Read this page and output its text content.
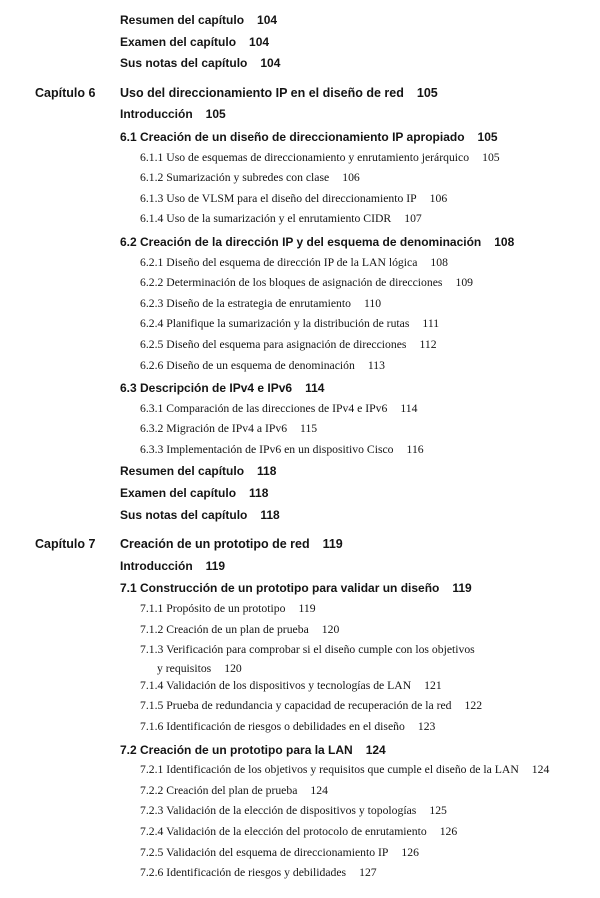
Resumen del capítulo 104
Examen del capítulo 104
Sus notas del capítulo 104
Capítulo 6 Uso del direccionamiento IP en el diseño de red 105
Introducción 105
6.1 Creación de un diseño de direccionamiento IP apropiado 105
6.1.1 Uso de esquemas de direccionamiento y enrutamiento jerárquico 105
6.1.2 Sumarización y subredes con clase 106
6.1.3 Uso de VLSM para el diseño del direccionamiento IP 106
6.1.4 Uso de la sumarización y el enrutamiento CIDR 107
6.2 Creación de la dirección IP y del esquema de denominación 108
6.2.1 Diseño del esquema de dirección IP de la LAN lógica 108
6.2.2 Determinación de los bloques de asignación de direcciones 109
6.2.3 Diseño de la estrategia de enrutamiento 110
6.2.4 Planifique la sumarización y la distribución de rutas 111
6.2.5 Diseño del esquema para asignación de direcciones 112
6.2.6 Diseño de un esquema de denominación 113
6.3 Descripción de IPv4 e IPv6 114
6.3.1 Comparación de las direcciones de IPv4 e IPv6 114
6.3.2 Migración de IPv4 a IPv6 115
6.3.3 Implementación de IPv6 en un dispositivo Cisco 116
Resumen del capítulo 118
Examen del capítulo 118
Sus notas del capítulo 118
Capítulo 7 Creación de un prototipo de red 119
Introducción 119
7.1 Construcción de un prototipo para validar un diseño 119
7.1.1 Propósito de un prototipo 119
7.1.2 Creación de un plan de prueba 120
7.1.3 Verificación para comprobar si el diseño cumple con los objetivos
y requisitos 120
7.1.4 Validación de los dispositivos y tecnologías de LAN 121
7.1.5 Prueba de redundancia y capacidad de recuperación de la red 122
7.1.6 Identificación de riesgos o debilidades en el diseño 123
7.2 Creación de un prototipo para la LAN 124
7.2.1 Identificación de los objetivos y requisitos que cumple el diseño de la LAN 124
7.2.2 Creación del plan de prueba 124
7.2.3 Validación de la elección de dispositivos y topologías 125
7.2.4 Validación de la elección del protocolo de enrutamiento 126
7.2.5 Validación del esquema de direccionamiento IP 126
7.2.6 Identificación de riesgos y debilidades 127
